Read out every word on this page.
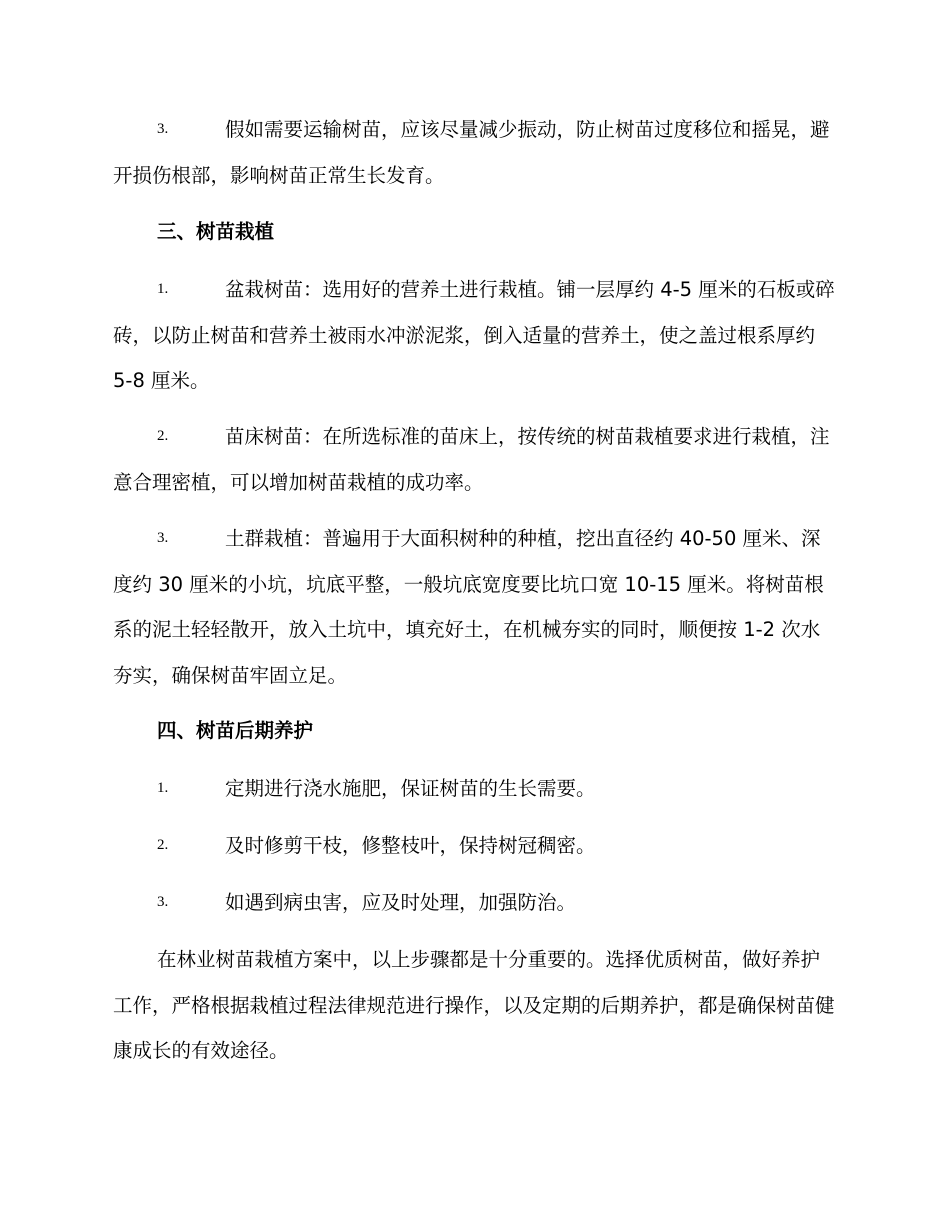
3.	假如需要运输树苗，应该尽量减少振动，防止树苗过度移位和摇晃，避开损伤根部，影响树苗正常生长发育。
三、树苗栽植
1.	盆栽树苗：选用好的营养土进行栽植。铺一层厚约 4-5 厘米的石板或碎砖，以防止树苗和营养土被雨水冲淤泥浆，倒入适量的营养土，使之盖过根系厚约 5-8 厘米。
2.	苗床树苗：在所选标准的苗床上，按传统的树苗栽植要求进行栽植，注意合理密植，可以增加树苗栽植的成功率。
3.	土群栽植：普遍用于大面积树种的种植，挖出直径约 40-50 厘米、深度约 30 厘米的小坑，坑底平整，一般坑底宽度要比坑口宽 10-15 厘米。将树苗根系的泥土轻轻散开，放入土坑中，填充好土，在机械夯实的同时，顺便按 1-2 次水夯实，确保树苗牢固立足。
四、树苗后期养护
1.	定期进行浇水施肥，保证树苗的生长需要。
2.	及时修剪干枝，修整枝叶，保持树冠稠密。
3.	如遇到病虫害，应及时处理，加强防治。
在林业树苗栽植方案中，以上步骤都是十分重要的。选择优质树苗，做好养护工作，严格根据栽植过程法律规范进行操作，以及定期的后期养护，都是确保树苗健康成长的有效途径。
